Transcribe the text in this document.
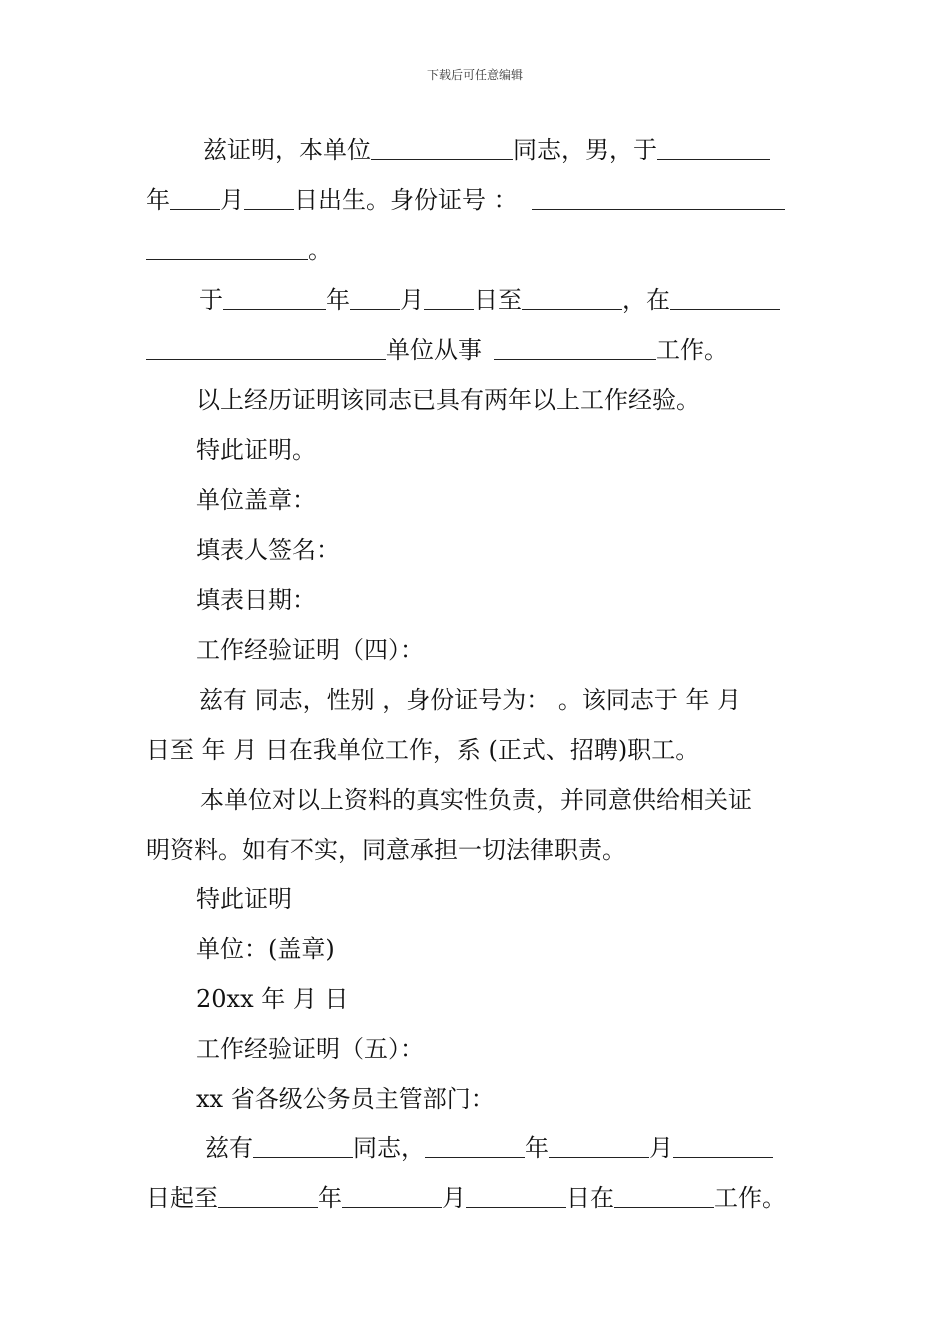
下载后可任意编辑
兹证明，本单位	同志，男，于
年 月 日出生。身份证号 ：
。
于	年 月 日至	，在
单位从事	工作。
以上经历证明该同志已具有两年以上工作经验。
特此证明。
单位盖章：
填表人签名：
填表日期：
工作经验证明（四）：
兹有 同志，性别 ，身份证号为： 。该同志于 年 月
日至 年 月 日在我单位工作，系 (正式、招聘)职工。
本单位对以上资料的真实性负责，并同意供给相关证
明资料。如有不实，同意承担一切法律职责。
特此证明
单位：(盖章)
20xx 年 月 日
工作经验证明（五）：
xx 省各级公务员主管部门：
兹有	同志，	年	月
日起至	年	月	日在	工作。
